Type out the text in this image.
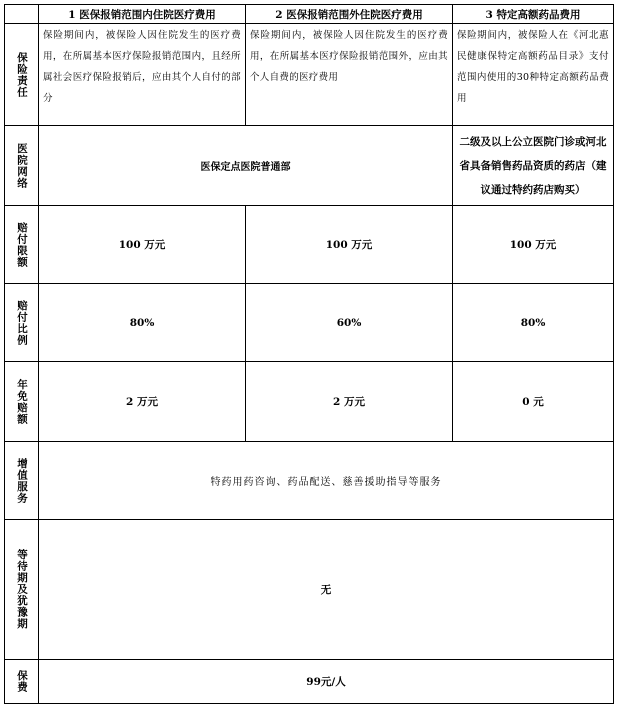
	1 医保报销范围内住院医疗费用	2 医保报销范围外住院医疗费用	3 特定高额药品费用
保险责任	保险期间内，被保险人因住院发生的医疗费用，在所属基本医疗保险报销范围内，且经所属社会医疗保险报销后，应由其个人自付的部分	保险期间内，被保险人因住院发生的医疗费用，在所属基本医疗保险报销范围外，应由其个人自费的医疗费用	保险期间内，被保险人在《河北惠民健康保特定高额药品目录》支付范围内使用的30种特定高额药品费用
医院网络	医保定点医院普通部		二级及以上公立医院门诊或河北省具备销售药品资质的药店（建议通过特约药店购买）
赔付限额	100 万元	100 万元	100 万元
赔付比例	80%	60%	80%
年免赔额	2 万元	2 万元	0 元
增值服务	特药用药咨询、药品配送、慈善援助指导等服务		
等待期及犹豫期	无		
保费	99元/人		
